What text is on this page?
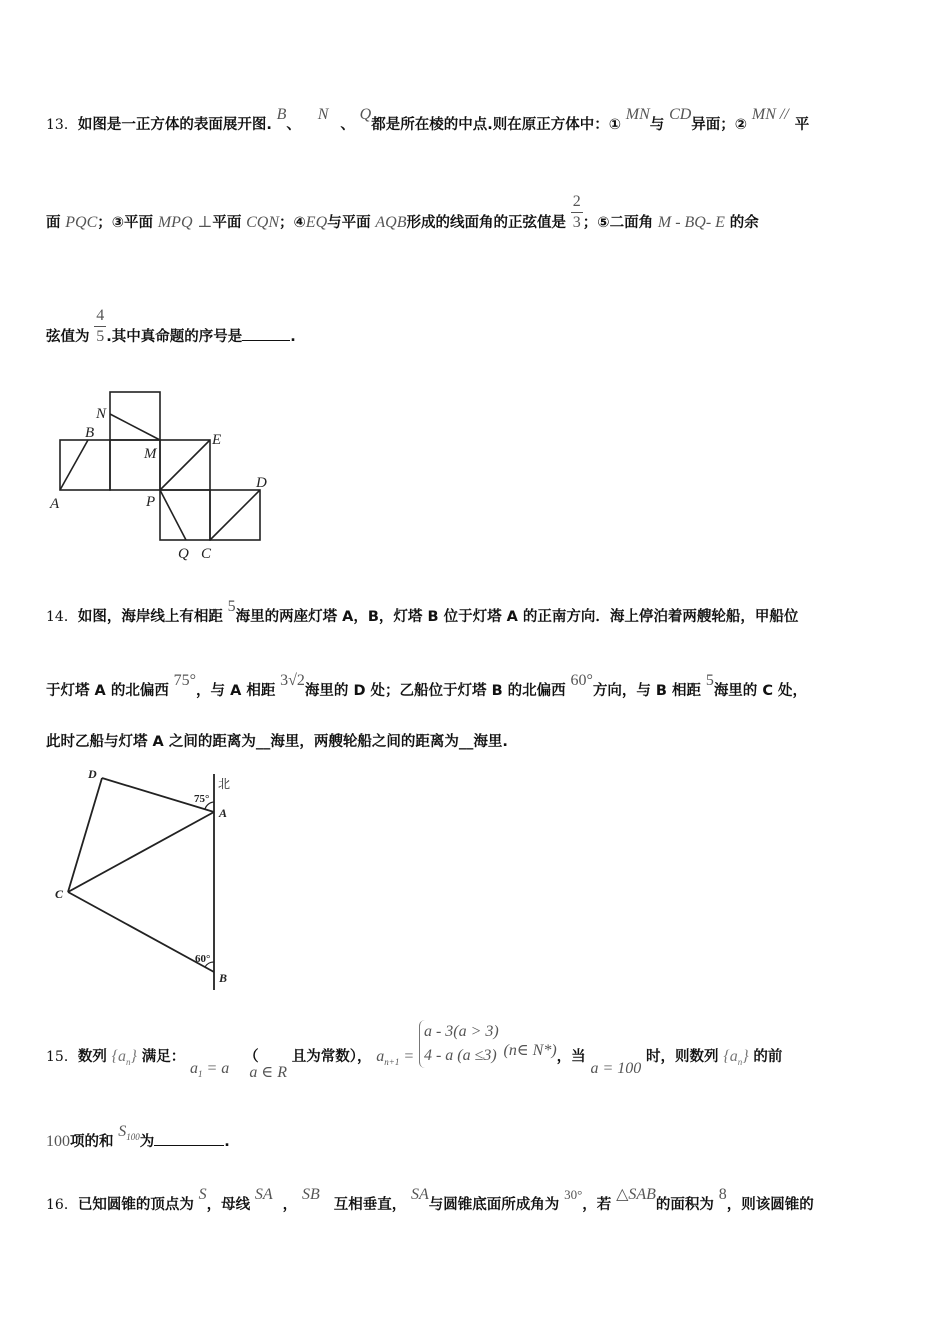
13．如图是一正方体的表面展开图. B、 N、 Q都是所在棱的中点.则在原正方体中：① MN与 CD异面；② MN //平
面 PQC；③平面 MPQ ⊥平面 CQN；④EQ与平面 AQB形成的线面角的正弦值是 $\frac{2}{3}$ ；⑤二面角 M - BQ- E 的余
弦值为 $\frac{4}{5}$ .其中真命题的序号是	.
N
B
M
E
A
D
P
Q C
14．如图，海岸线上有相距 5海里的两座灯塔 A，B，灯塔 B 位于灯塔 A 的正南方向．海上停泊着两艘轮船，甲船位
于灯塔 A 的北偏西 75°，与 A 相距 3√2海里的 D 处；乙船位于灯塔 B 的北偏西 60°方向，与 B 相距 5海里的 C 处，
此时乙船与灯塔 A 之间的距离为__海里，两艘轮船之间的距离为__海里.
D
北
75°
A
C
60°
B
15．数列 $\{a_n\}$ 满足： $a_1 = a$ （ a ∈ R 且为常数）， $a_{n+1}$ =
a - 3(a > 3)
4 - a (a ≤3) (n∈ N*)，当 a = 100 时，则数列 $\{a_n\}$ 的前
100项的和 $S_{100}$为	.
16．已知圆锥的顶点为 S，母线 SA， SB互相垂直， SA与圆锥底面所成角为 30°，若 △SAB的面积为 8，则该圆锥的
